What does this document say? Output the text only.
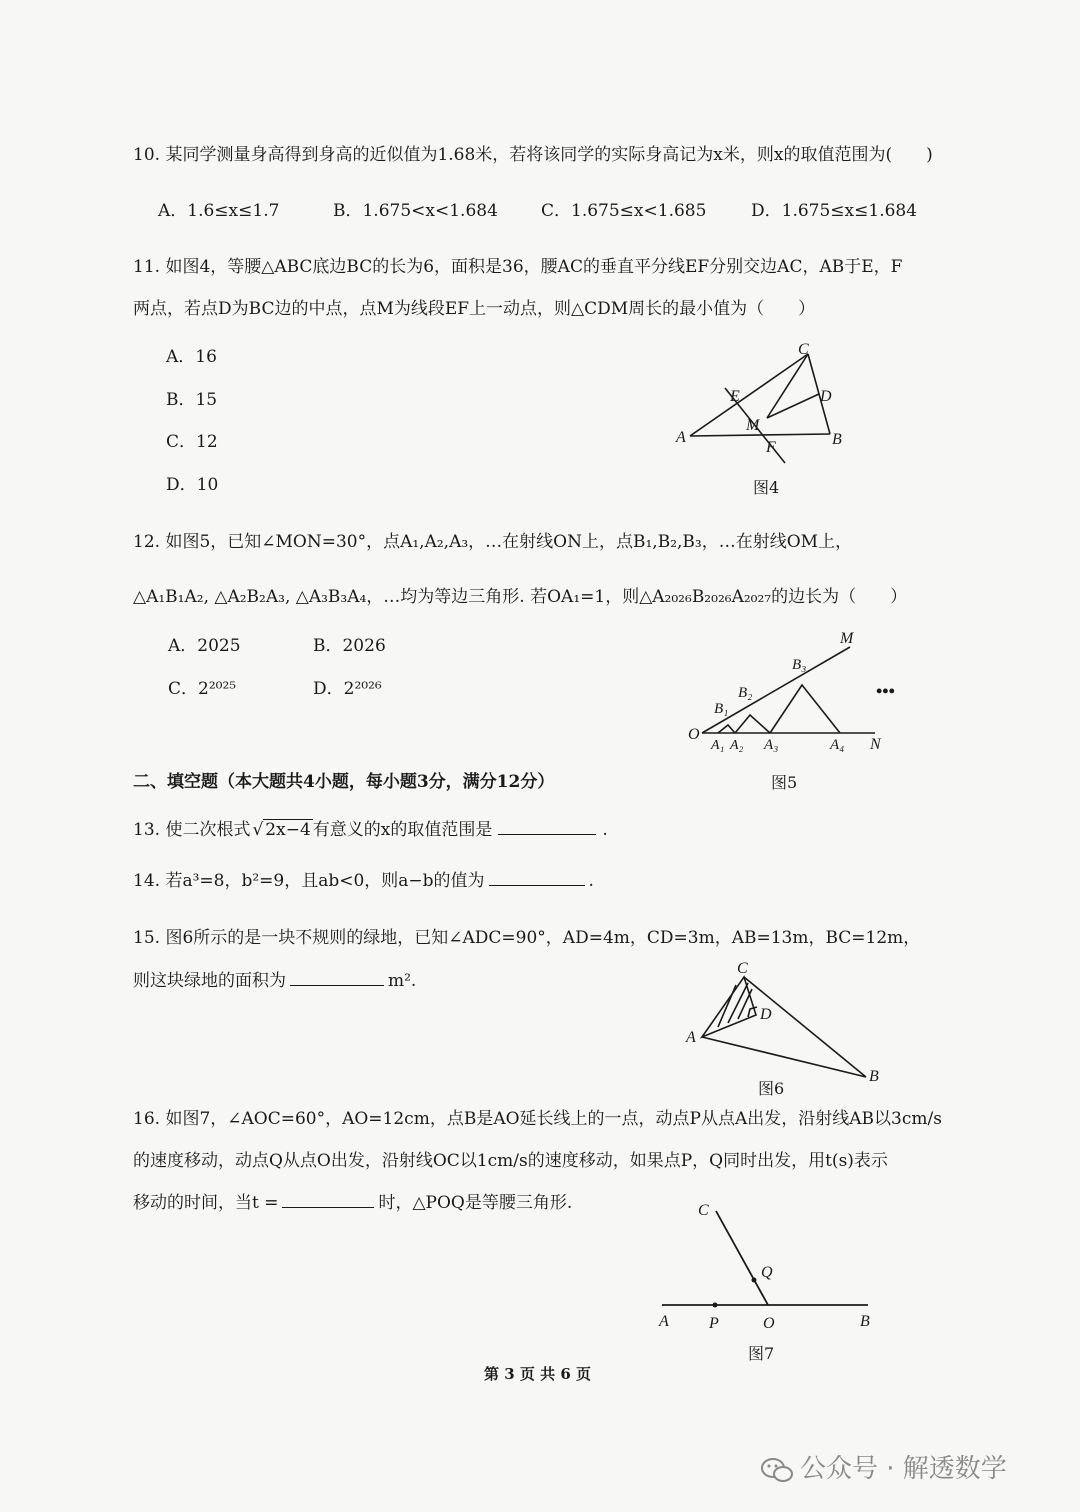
10. 某同学测量身高得到身高的近似值为1.68米，若将该同学的实际身高记为x米，则x的取值范围为(　　)
A．1.6≤x≤1.7	B．1.675<x<1.684	C．1.675≤x<1.685	D．1.675≤x≤1.684
11. 如图4，等腰△ABC底边BC的长为6，面积是36，腰AC的垂直平分线EF分别交边AC，AB于E，F
两点，若点D为BC边的中点，点M为线段EF上一动点，则△CDM周长的最小值为（　　）
A．16
B．15
C．12
D．10
C
E	D
M
A
F	B
图4
12. 如图5，已知∠MON=30°，点A₁,A₂,A₃，…在射线ON上，点B₁,B₂,B₃，…在射线OM上，
△A₁B₁A₂, △A₂B₂A₃, △A₃B₃A₄，…均为等边三角形. 若OA₁=1，则△A₂₀₂₆B₂₀₂₆A₂₀₂₇的边长为（　　）
A．2025	B．2026
C．2²⁰²⁵	D．2²⁰²⁶
M
B₃
B₂
B₁
O
A₁ A₂ A₃	A₄ N
•••
图5
二、填空题（本大题共4小题，每小题3分，满分12分）
13. 使二次根式 √ 2x−4 有意义的x的取值范围是	.
14. 若a³=8，b²=9，且ab<0，则a−b的值为	.
15. 图6所示的是一块不规则的绿地，已知∠ADC=90°，AD=4m，CD=3m，AB=13m，BC=12m，
则这块绿地的面积为	m².
C
D
A
B
图6
16. 如图7，∠AOC=60°，AO=12cm，点B是AO延长线上的一点，动点P从点A出发，沿射线AB以3cm/s
的速度移动，动点Q从点O出发，沿射线OC以1cm/s的速度移动，如果点P，Q同时出发，用t(s)表示
移动的时间，当t =	时，△POQ是等腰三角形.	C
Q
A	P	O	B
图7
第 3 页 共 6 页
公众号 · 解透数学
